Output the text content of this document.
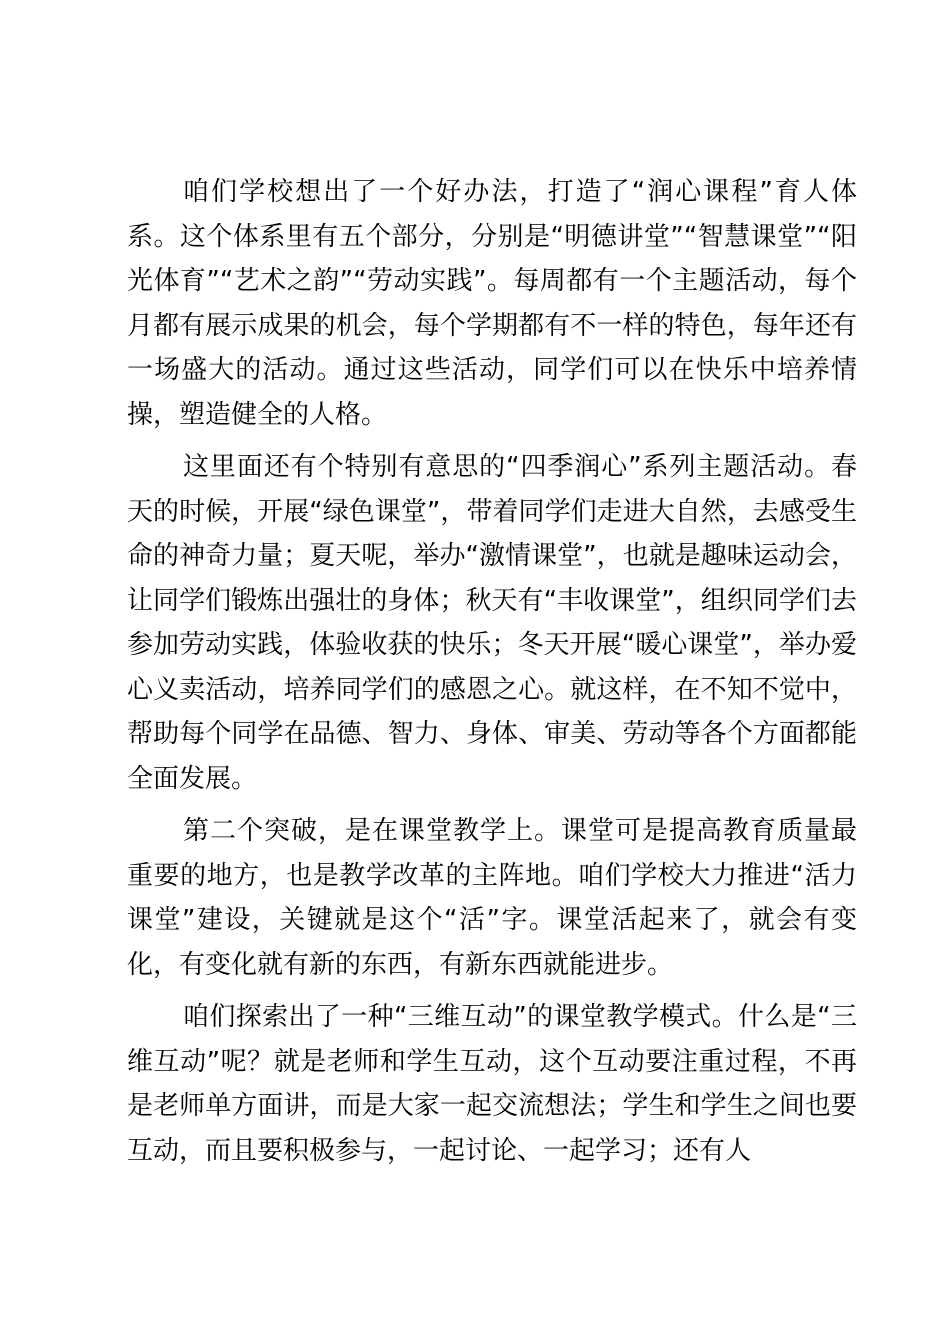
咱们学校想出了一个好办法，打造了“润心课程”育人体系。这个体系里有五个部分，分别是“明德讲堂”“智慧课堂”“阳光体育”“艺术之韵”“劳动实践”。每周都有一个主题活动，每个月都有展示成果的机会，每个学期都有不一样的特色，每年还有一场盛大的活动。通过这些活动，同学们可以在快乐中培养情操，塑造健全的人格。

这里面还有个特别有意思的“四季润心”系列主题活动。春天的时候，开展“绿色课堂”，带着同学们走进大自然，去感受生命的神奇力量；夏天呢，举办“激情课堂”，也就是趣味运动会，让同学们锻炼出强壮的身体；秋天有“丰收课堂”，组织同学们去参加劳动实践，体验收获的快乐；冬天开展“暖心课堂”，举办爱心义卖活动，培养同学们的感恩之心。就这样，在不知不觉中，帮助每个同学在品德、智力、身体、审美、劳动等各个方面都能全面发展。

第二个突破，是在课堂教学上。课堂可是提高教育质量最重要的地方，也是教学改革的主阵地。咱们学校大力推进“活力课堂”建设，关键就是这个“活”字。课堂活起来了，就会有变化，有变化就有新的东西，有新东西就能进步。

咱们探索出了一种“三维互动”的课堂教学模式。什么是“三维互动”呢？就是老师和学生互动，这个互动要注重过程，不再是老师单方面讲，而是大家一起交流想法；学生和学生之间也要互动，而且要积极参与，一起讨论、一起学习；还有人
